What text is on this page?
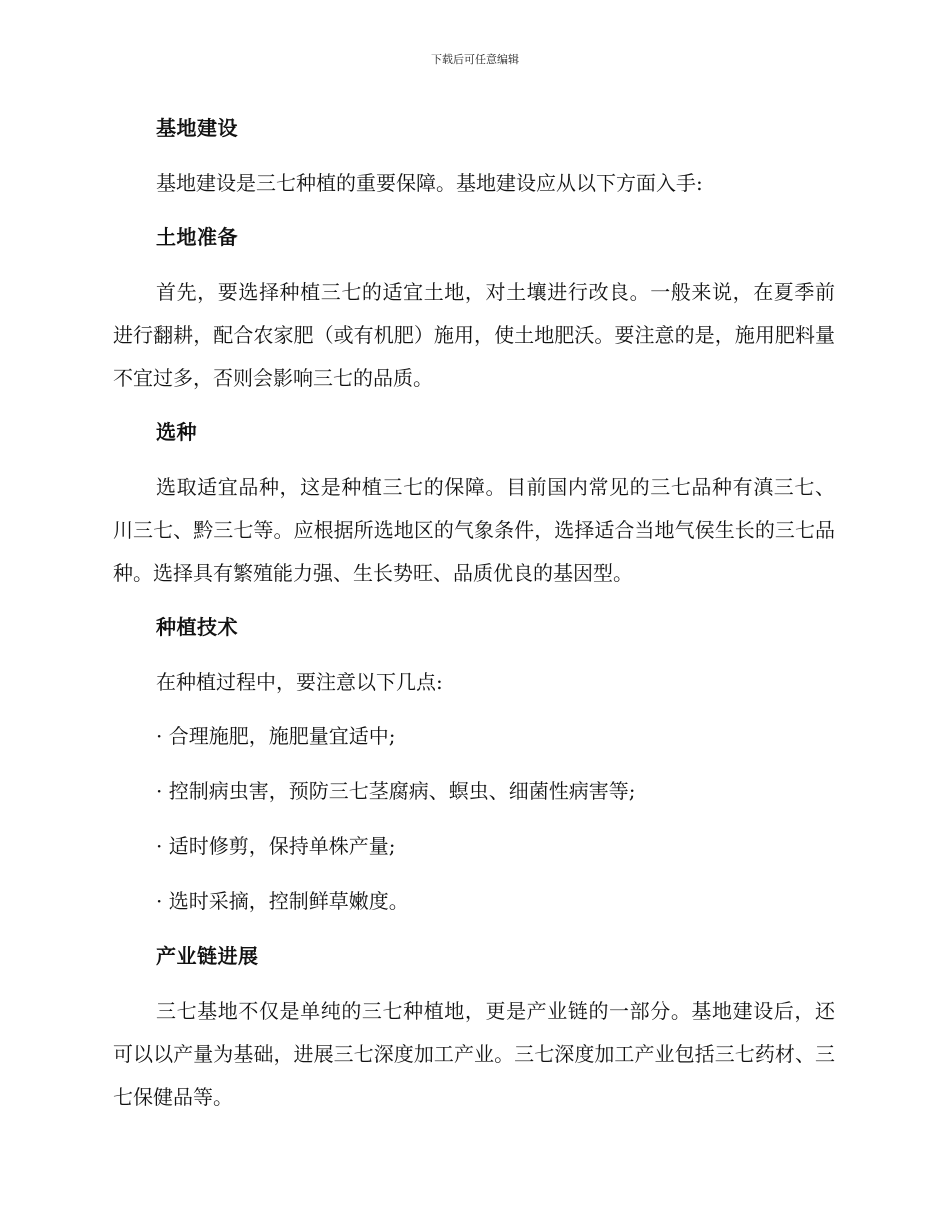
下载后可任意编辑
基地建设

基地建设是三七种植的重要保障。基地建设应从以下方面入手:

土地准备

首先，要选择种植三七的适宜土地，对土壤进行改良。一般来说，在夏季前进行翻耕，配合农家肥（或有机肥）施用，使土地肥沃。要注意的是，施用肥料量不宜过多，否则会影响三七的品质。

选种

选取适宜品种，这是种植三七的保障。目前国内常见的三七品种有滇三七、川三七、黔三七等。应根据所选地区的气象条件，选择适合当地气侯生长的三七品种。选择具有繁殖能力强、生长势旺、品质优良的基因型。

种植技术

在种植过程中，要注意以下几点:

· 合理施肥，施肥量宜适中;
· 控制病虫害，预防三七茎腐病、螟虫、细菌性病害等;
· 适时修剪，保持单株产量;
· 选时采摘，控制鲜草嫩度。
产业链进展

三七基地不仅是单纯的三七种植地，更是产业链的一部分。基地建设后，还可以以产量为基础，进展三七深度加工产业。三七深度加工产业包括三七药材、三七保健品等。
